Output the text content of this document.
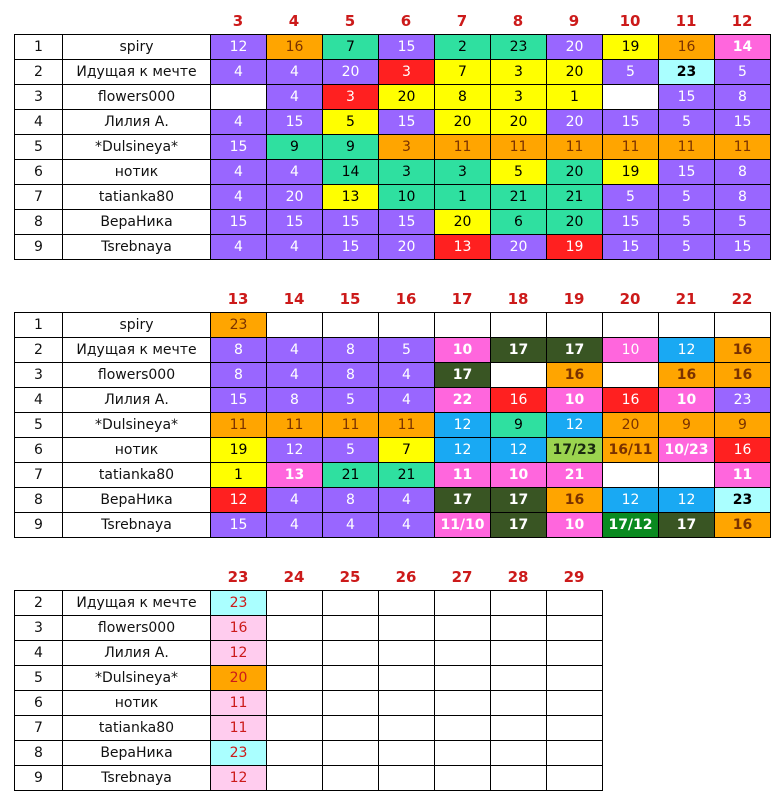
3	4	5	6	7	8	9	10	11	12
1	spiry	12	16	7	15	2	23	20	19	16	14
2	Идущая к мечте	4	4	20	3	7	3	20	5	23	5
3	flowers000		4	3	20	8	3	1		15	8
4	Лилия А.	4	15	5	15	20	20	20	15	5	15
5	*Dulsineya*	15	9	9	3	11	11	11	11	11	11
6	нотик	4	4	14	3	3	5	20	19	15	8
7	tatianka80	4	20	13	10	1	21	21	5	5	8
8	ВераНика	15	15	15	15	20	6	20	15	5	5
9	Tsrebnaya	4	4	15	20	13	20	19	15	5	15
13	14	15	16	17	18	19	20	21	22
1	spiry	23									
2	Идущая к мечте	8	4	8	5	10	17	17	10	12	16
3	flowers000	8	4	8	4	17		16		16	16
4	Лилия А.	15	8	5	4	22	16	10	16	10	23
5	*Dulsineya*	11	11	11	11	12	9	12	20	9	9
6	нотик	19	12	5	7	12	12	17/23	16/11	10/23	16
7	tatianka80	1	13	21	21	11	10	21			11
8	ВераНика	12	4	8	4	17	17	16	12	12	23
9	Tsrebnaya	15	4	4	4	11/10	17	10	17/12	17	16
23	24	25	26	27	28	29
2	Идущая к мечте	23						
3	flowers000	16						
4	Лилия А.	12						
5	*Dulsineya*	20						
6	нотик	11						
7	tatianka80	11						
8	ВераНика	23						
9	Tsrebnaya	12						
